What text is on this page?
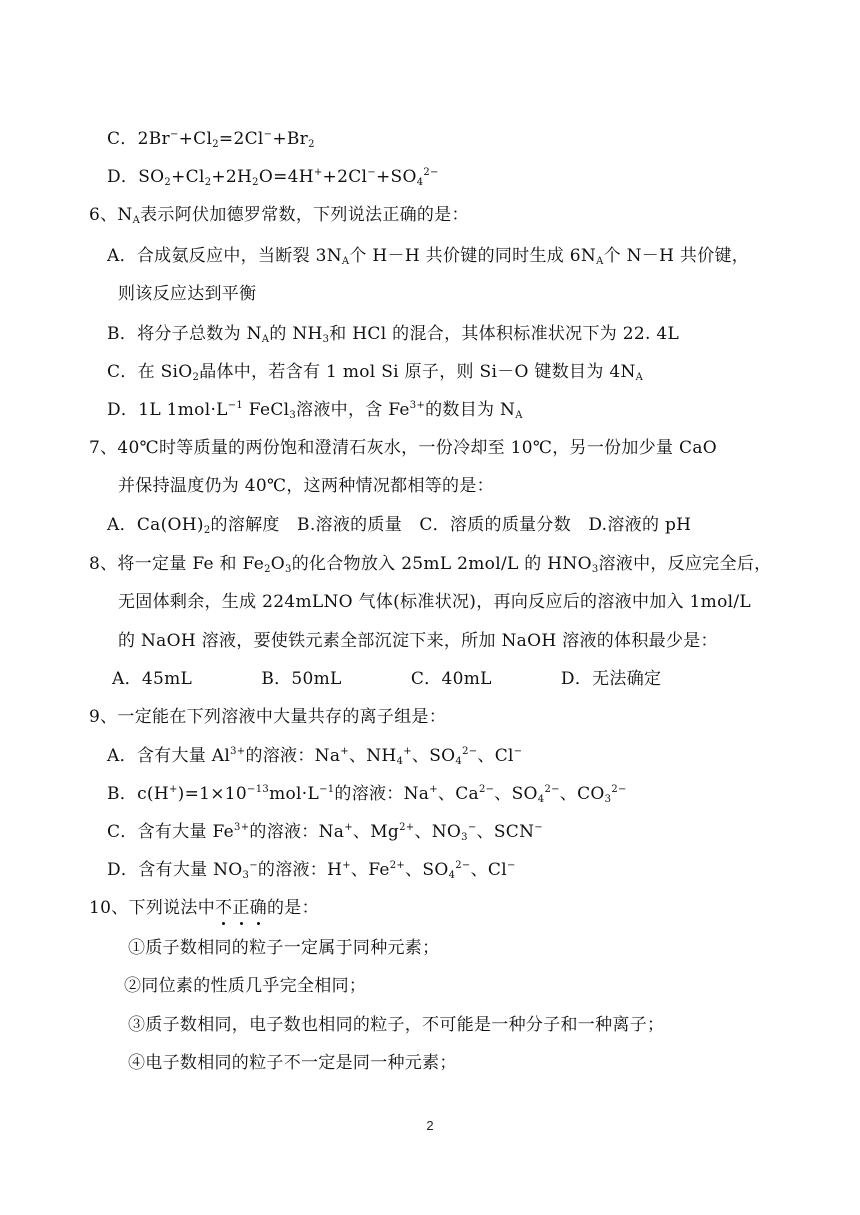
C．$2Br^-+Cl_2=2Cl^-+Br_2$
D．$SO_2+Cl_2+2H_2O=4H^++2Cl^-+SO_4^{2-}$
6、$N_A$表示阿伏加德罗常数，下列说法正确的是：
A．合成氨反应中，当断裂 $3N_A$个 H－H 共价键的同时生成 $6N_A$个 N－H 共价键，
则该反应达到平衡
B．将分子总数为 $N_A$的 $NH_3$和 HCl 的混合，其体积标准状况下为 22. 4L
C．在 SiO$_2$晶体中，若含有 1 mol Si 原子，则 Si－O 键数目为 $4N_A$
D．1L $1mol\cdot L^{-1}$ FeCl$_3$溶液中，含 $Fe^{3+}$的数目为 $N_A$
7、40℃时等质量的两份饱和澄清石灰水，一份冷却至 10℃，另一份加少量 CaO
并保持温度仍为 40℃，这两种情况都相等的是：
A．$Ca(OH)_2$的溶解度　B.溶液的质量　C．溶质的质量分数　D.溶液的 pH
8、将一定量 Fe 和 $Fe_2O_3$的化合物放入 25mL 2mol/L 的 $HNO_3$溶液中，反应完全后，
无固体剩余，生成 224mLNO 气体(标准状况)，再向反应后的溶液中加入 1mol/L
的 NaOH 溶液，要使铁元素全部沉淀下来，所加 NaOH 溶液的体积最少是：
A．45mL　　　　B．50mL　　　　C．40mL　　　　D．无法确定
9、一定能在下列溶液中大量共存的离子组是：
A．含有大量 $Al^{3+}$的溶液：Na+、$NH_4^+$、$SO_4^{2-}$、Cl−
B．$c(H^+)=1\times 10^{-13}mol\cdot L^{-1}$的溶液：Na+、$Ca^{2-}$、$SO_4^{2-}$、$CO_3^{2-}$
C．含有大量 $Fe^{3+}$的溶液：Na+、$Mg^{2+}$、$NO_3^-$、SCN−
D．含有大量 $NO_3^-$的溶液：H+、$Fe^{2+}$、$SO_4^{2-}$、Cl−
10、下列说法中不
正
确
的是：
①质子数相同的粒子一定属于同种元素；
②同位素的性质几乎完全相同；
③质子数相同，电子数也相同的粒子，不可能是一种分子和一种离子；
④电子数相同的粒子不一定是同一种元素；
2
